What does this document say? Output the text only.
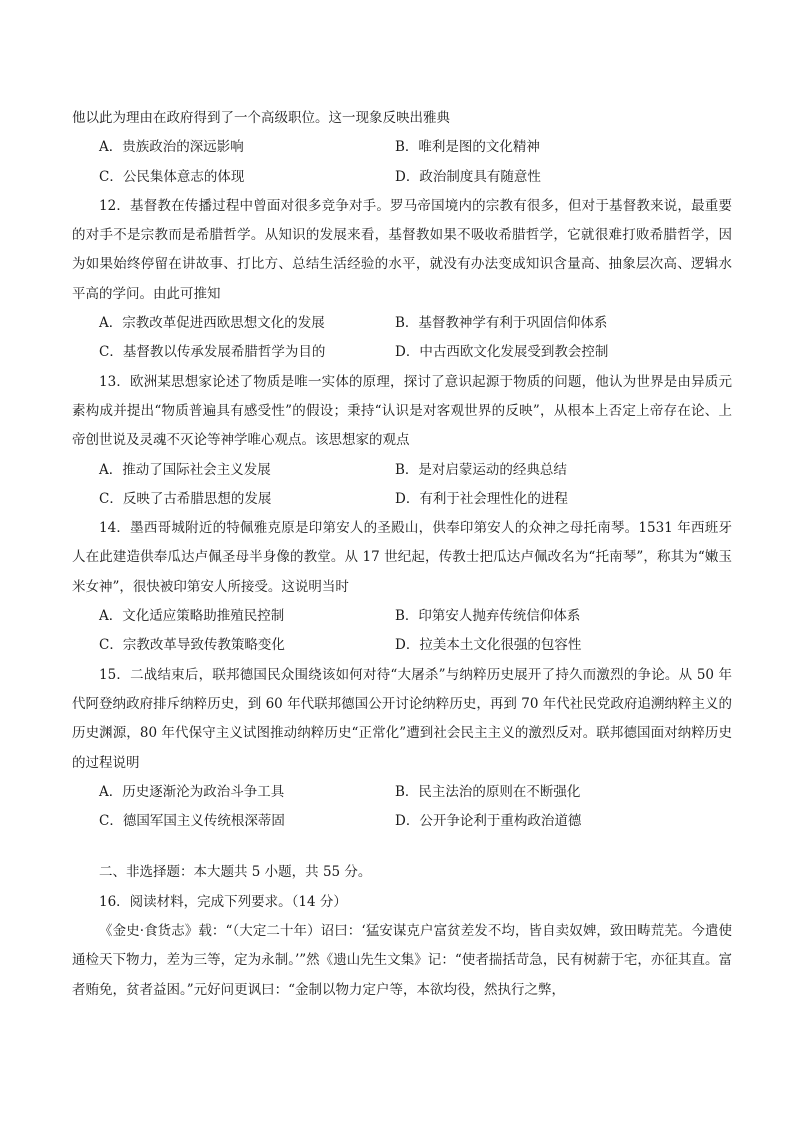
他以此为理由在政府得到了一个高级职位。这一现象反映出雅典
A．贵族政治的深远影响	B．唯利是图的文化精神
C．公民集体意志的体现	D．政治制度具有随意性
12．基督教在传播过程中曾面对很多竞争对手。罗马帝国境内的宗教有很多，但对于基督教来说，最重要的对手不是宗教而是希腊哲学。从知识的发展来看，基督教如果不吸收希腊哲学，它就很难打败希腊哲学，因为如果始终停留在讲故事、打比方、总结生活经验的水平，就没有办法变成知识含量高、抽象层次高、逻辑水平高的学问。由此可推知
A．宗教改革促进西欧思想文化的发展	B．基督教神学有利于巩固信仰体系
C．基督教以传承发展希腊哲学为目的	D．中古西欧文化发展受到教会控制
13．欧洲某思想家论述了物质是唯一实体的原理，探讨了意识起源于物质的问题，他认为世界是由异质元素构成并提出“物质普遍具有感受性”的假设；秉持“认识是对客观世界的反映”，从根本上否定上帝存在论、上帝创世说及灵魂不灭论等神学唯心观点。该思想家的观点
A．推动了国际社会主义发展	B．是对启蒙运动的经典总结
C．反映了古希腊思想的发展	D．有利于社会理性化的进程
14．墨西哥城附近的特佩雅克原是印第安人的圣殿山，供奉印第安人的众神之母托南琴。1531 年西班牙人在此建造供奉瓜达卢佩圣母半身像的教堂。从 17 世纪起，传教士把瓜达卢佩改名为“托南琴”，称其为“嫩玉米女神”，很快被印第安人所接受。这说明当时
A．文化适应策略助推殖民控制	B．印第安人抛弃传统信仰体系
C．宗教改革导致传教策略变化	D．拉美本土文化很强的包容性
15．二战结束后，联邦德国民众围绕该如何对待“大屠杀”与纳粹历史展开了持久而激烈的争论。从 50 年代阿登纳政府排斥纳粹历史，到 60 年代联邦德国公开讨论纳粹历史，再到 70 年代社民党政府追溯纳粹主义的历史渊源，80 年代保守主义试图推动纳粹历史“正常化”遭到社会民主主义的激烈反对。联邦德国面对纳粹历史的过程说明
A．历史逐渐沦为政治斗争工具	B．民主法治的原则在不断强化
C．德国军国主义传统根深蒂固	D．公开争论利于重构政治道德
二、非选择题：本大题共 5 小题，共 55 分。
16．阅读材料，完成下列要求。（14 分）
《金史·食货志》载：“（大定二十年）诏曰：‘猛安谋克户富贫差发不均，皆自卖奴婢，致田畴荒芜。今遣使通检天下物力，差为三等，定为永制。’”然《遗山先生文集》记：“使者揣括苛急，民有树薪于宅，亦征其直。富者贿免，贫者益困。”元好问更讽曰：“金制以物力定户等，本欲均役，然执行之弊，
